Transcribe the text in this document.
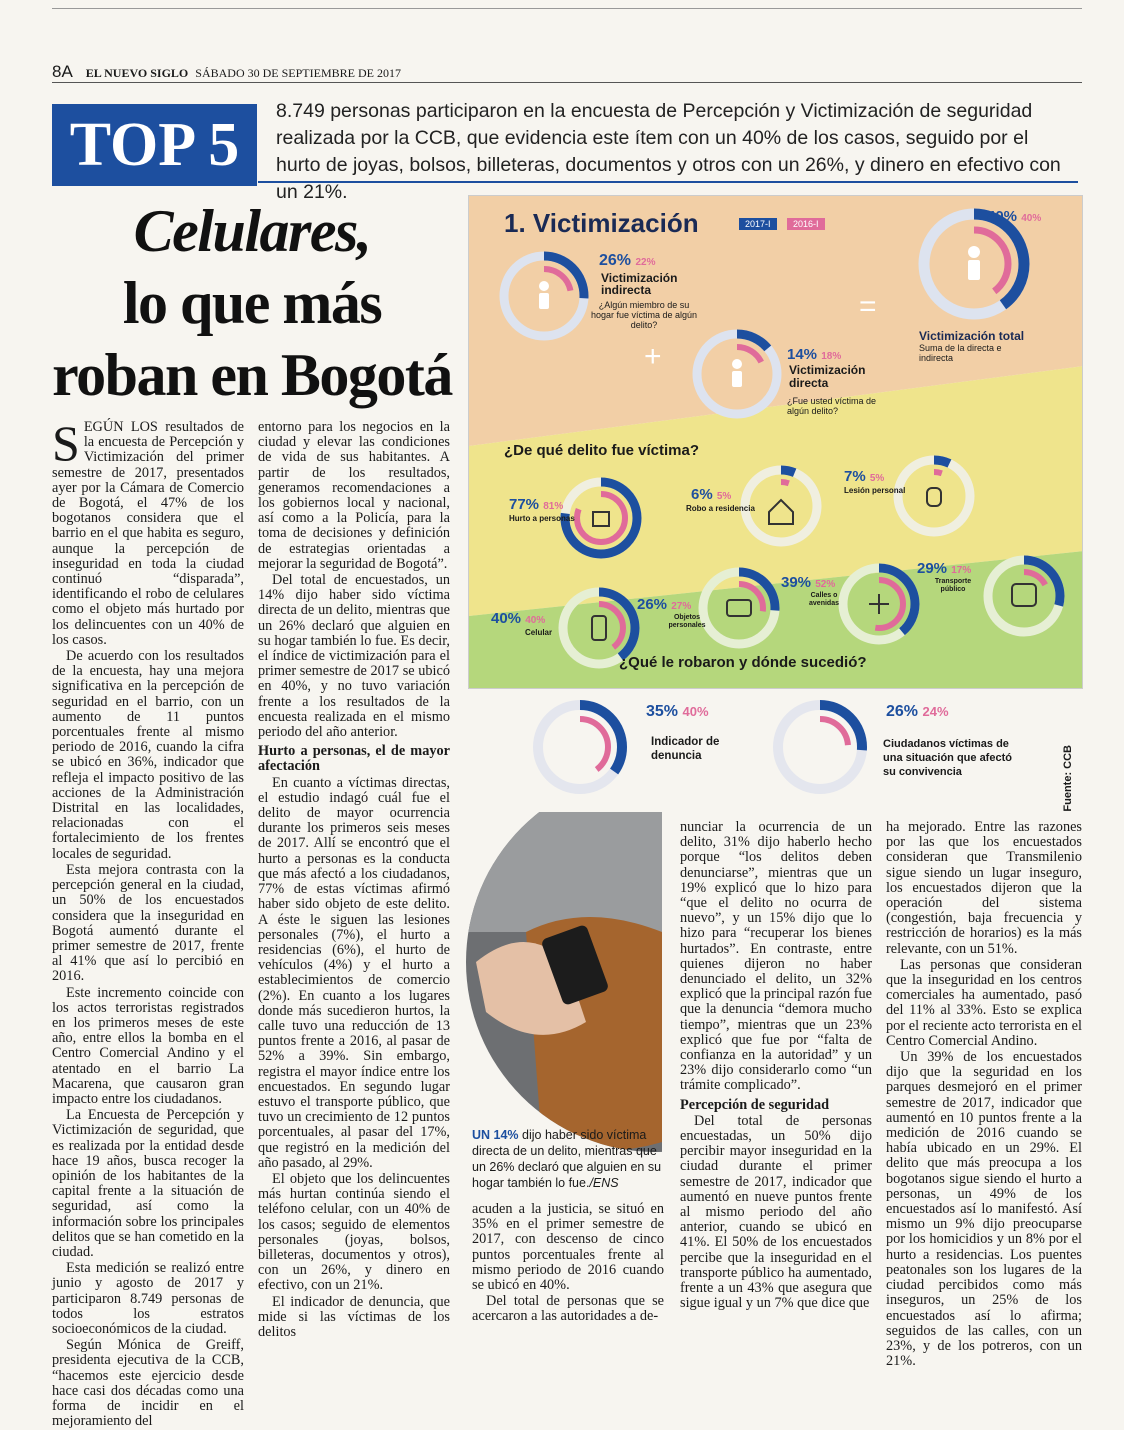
8A EL NUEVO SIGLO SÁBADO 30 DE SEPTIEMBRE DE 2017
TOP 5	8.749 personas participaron en la encuesta de Percepción y Victimización de seguridad realizada por la CCB, que evidencia este ítem con un 40% de los casos, seguido por el hurto de joyas, bolsos, billeteras, documentos y otros con un 26%, y dinero en efectivo con un 21%.
Celulares,
lo que más
roban en Bogotá	+
=
1. Victimización	2017-I	2016-I
26% 22%
Victimización indirecta
¿Algún miembro de su hogar fue víctima de algún delito?
14% 18%
Victimización directa
¿Fue usted víctima de algún delito?
40% 40%
Victimización total
Suma de la directa e indirecta
¿De qué delito fue víctima?
77% 81%
Hurto a personas
6% 5%
Robo a residencia
7% 5%
Lesión personal
40% 40%
Celular
26% 27%
Objetos personales
39% 52%
Calles o avenidas
29% 17%
Transporte público
¿Qué le robaron y dónde sucedió?
35% 40%
Indicador de denuncia
26% 24%
Ciudadanos víctimas de una situación que afectó su convivencia	Fuente: CCB

SEGÚN LOS resultados de la encuesta de Percepción y Victimización del primer semestre de 2017, presentados ayer por la Cámara de Comercio de Bogotá, el 47% de los bogotanos considera que el barrio en el que habita es seguro, aunque la percepción de inseguridad en toda la ciudad continuó “disparada”, identificando el robo de celulares como el objeto más hurtado por los delincuentes con un 40% de los casos.

De acuerdo con los resultados de la encuesta, hay una mejora significativa en la percepción de seguridad en el barrio, con un aumento de 11 puntos porcentuales frente al mismo periodo de 2016, cuando la cifra se ubicó en 36%, indicador que refleja el impacto positivo de las acciones de la Administración Distrital en las localidades, relacionadas con el fortalecimiento de los frentes locales de seguridad.

Esta mejora contrasta con la percepción general en la ciudad, un 50% de los encuestados considera que la inseguridad en Bogotá aumentó durante el primer semestre de 2017, frente al 41% que así lo percibió en 2016.

Este incremento coincide con los actos terroristas registrados en los primeros meses de este año, entre ellos la bomba en el Centro Comercial Andino y el atentado en el barrio La Macarena, que causaron gran impacto entre los ciudadanos.

La Encuesta de Percepción y Victimización de seguridad, que es realizada por la entidad desde hace 19 años, busca recoger la opinión de los habitantes de la capital frente a la situación de seguridad, así como la información sobre los principales delitos que se han cometido en la ciudad.

Esta medición se realizó entre junio y agosto de 2017 y participaron 8.749 personas de todos los estratos socioeconómicos de la ciudad.

Según Mónica de Greiff, presidenta ejecutiva de la CCB, “hacemos este ejercicio desde hace casi dos décadas como una forma de incidir en el mejoramiento del

entorno para los negocios en la ciudad y elevar las condiciones de vida de sus habitantes. A partir de los resultados, generamos recomendaciones a los gobiernos local y nacional, así como a la Policía, para la toma de decisiones y definición de estrategias orientadas a mejorar la seguridad de Bogotá”.

Del total de encuestados, un 14% dijo haber sido víctima directa de un delito, mientras que un 26% declaró que alguien en su hogar también lo fue. Es decir, el índice de victimización para el primer semestre de 2017 se ubicó en 40%, y no tuvo variación frente a los resultados de la encuesta realizada en el mismo periodo del año anterior.

Hurto a personas, el de mayor afectación

En cuanto a víctimas directas, el estudio indagó cuál fue el delito de mayor ocurrencia durante los primeros seis meses de 2017. Allí se encontró que el hurto a personas es la conducta que más afectó a los ciudadanos, 77% de estas víctimas afirmó haber sido objeto de este delito. A éste le siguen las lesiones personales (7%), el hurto a residencias (6%), el hurto de vehículos (4%) y el hurto a establecimientos de comercio (2%). En cuanto a los lugares donde más sucedieron hurtos, la calle tuvo una reducción de 13 puntos frente a 2016, al pasar de 52% a 39%. Sin embargo, registra el mayor índice entre los encuestados. En segundo lugar estuvo el transporte público, que tuvo un crecimiento de 12 puntos porcentuales, al pasar del 17%, que registró en la medición del año pasado, al 29%.

El objeto que los delincuentes más hurtan continúa siendo el teléfono celular, con un 40% de los casos; seguido de elementos personales (joyas, bolsos, billeteras, documentos y otros), con un 26%, y dinero en efectivo, con un 21%.

El indicador de denuncia, que mide si las víctimas de los delitos

UN 14% dijo haber sido víctima directa de un delito, mientras que un 26% declaró que alguien en su hogar también lo fue./ENS

acuden a la justicia, se situó en 35% en el primer semestre de 2017, con descenso de cinco puntos porcentuales frente al mismo periodo de 2016 cuando se ubicó en 40%.

Del total de personas que se acercaron a las autoridades a de-

nunciar la ocurrencia de un delito, 31% dijo haberlo hecho porque “los delitos deben denunciarse”, mientras que un 19% explicó que lo hizo para “que el delito no ocurra de nuevo”, y un 15% dijo que lo hizo para “recuperar los bienes hurtados”. En contraste, entre quienes dijeron no haber denunciado el delito, un 32% explicó que la principal razón fue que la denuncia “demora mucho tiempo”, mientras que un 23% explicó que fue por “falta de confianza en la autoridad” y un 23% dijo considerarlo como “un trámite complicado”.

Percepción de seguridad

Del total de personas encuestadas, un 50% dijo percibir mayor inseguridad en la ciudad durante el primer semestre de 2017, indicador que aumentó en nueve puntos frente al mismo periodo del año anterior, cuando se ubicó en 41%. El 50% de los encuestados percibe que la inseguridad en el transporte público ha aumentado, frente a un 43% que asegura que sigue igual y un 7% que dice que

ha mejorado. Entre las razones por las que los encuestados consideran que Transmilenio sigue siendo un lugar inseguro, los encuestados dijeron que la operación del sistema (congestión, baja frecuencia y restricción de horarios) es la más relevante, con un 51%.

Las personas que consideran que la inseguridad en los centros comerciales ha aumentado, pasó del 11% al 33%. Esto se explica por el reciente acto terrorista en el Centro Comercial Andino.

Un 39% de los encuestados dijo que la seguridad en los parques desmejoró en el primer semestre de 2017, indicador que aumentó en 10 puntos frente a la medición de 2016 cuando se había ubicado en un 29%. El delito que más preocupa a los bogotanos sigue siendo el hurto a personas, un 49% de los encuestados así lo manifestó. Así mismo un 9% dijo preocuparse por los homicidios y un 8% por el hurto a residencias. Los puentes peatonales son los lugares de la ciudad percibidos como más inseguros, un 25% de los encuestados así lo afirma; seguidos de las calles, con un 23%, y de los potreros, con un 21%.
